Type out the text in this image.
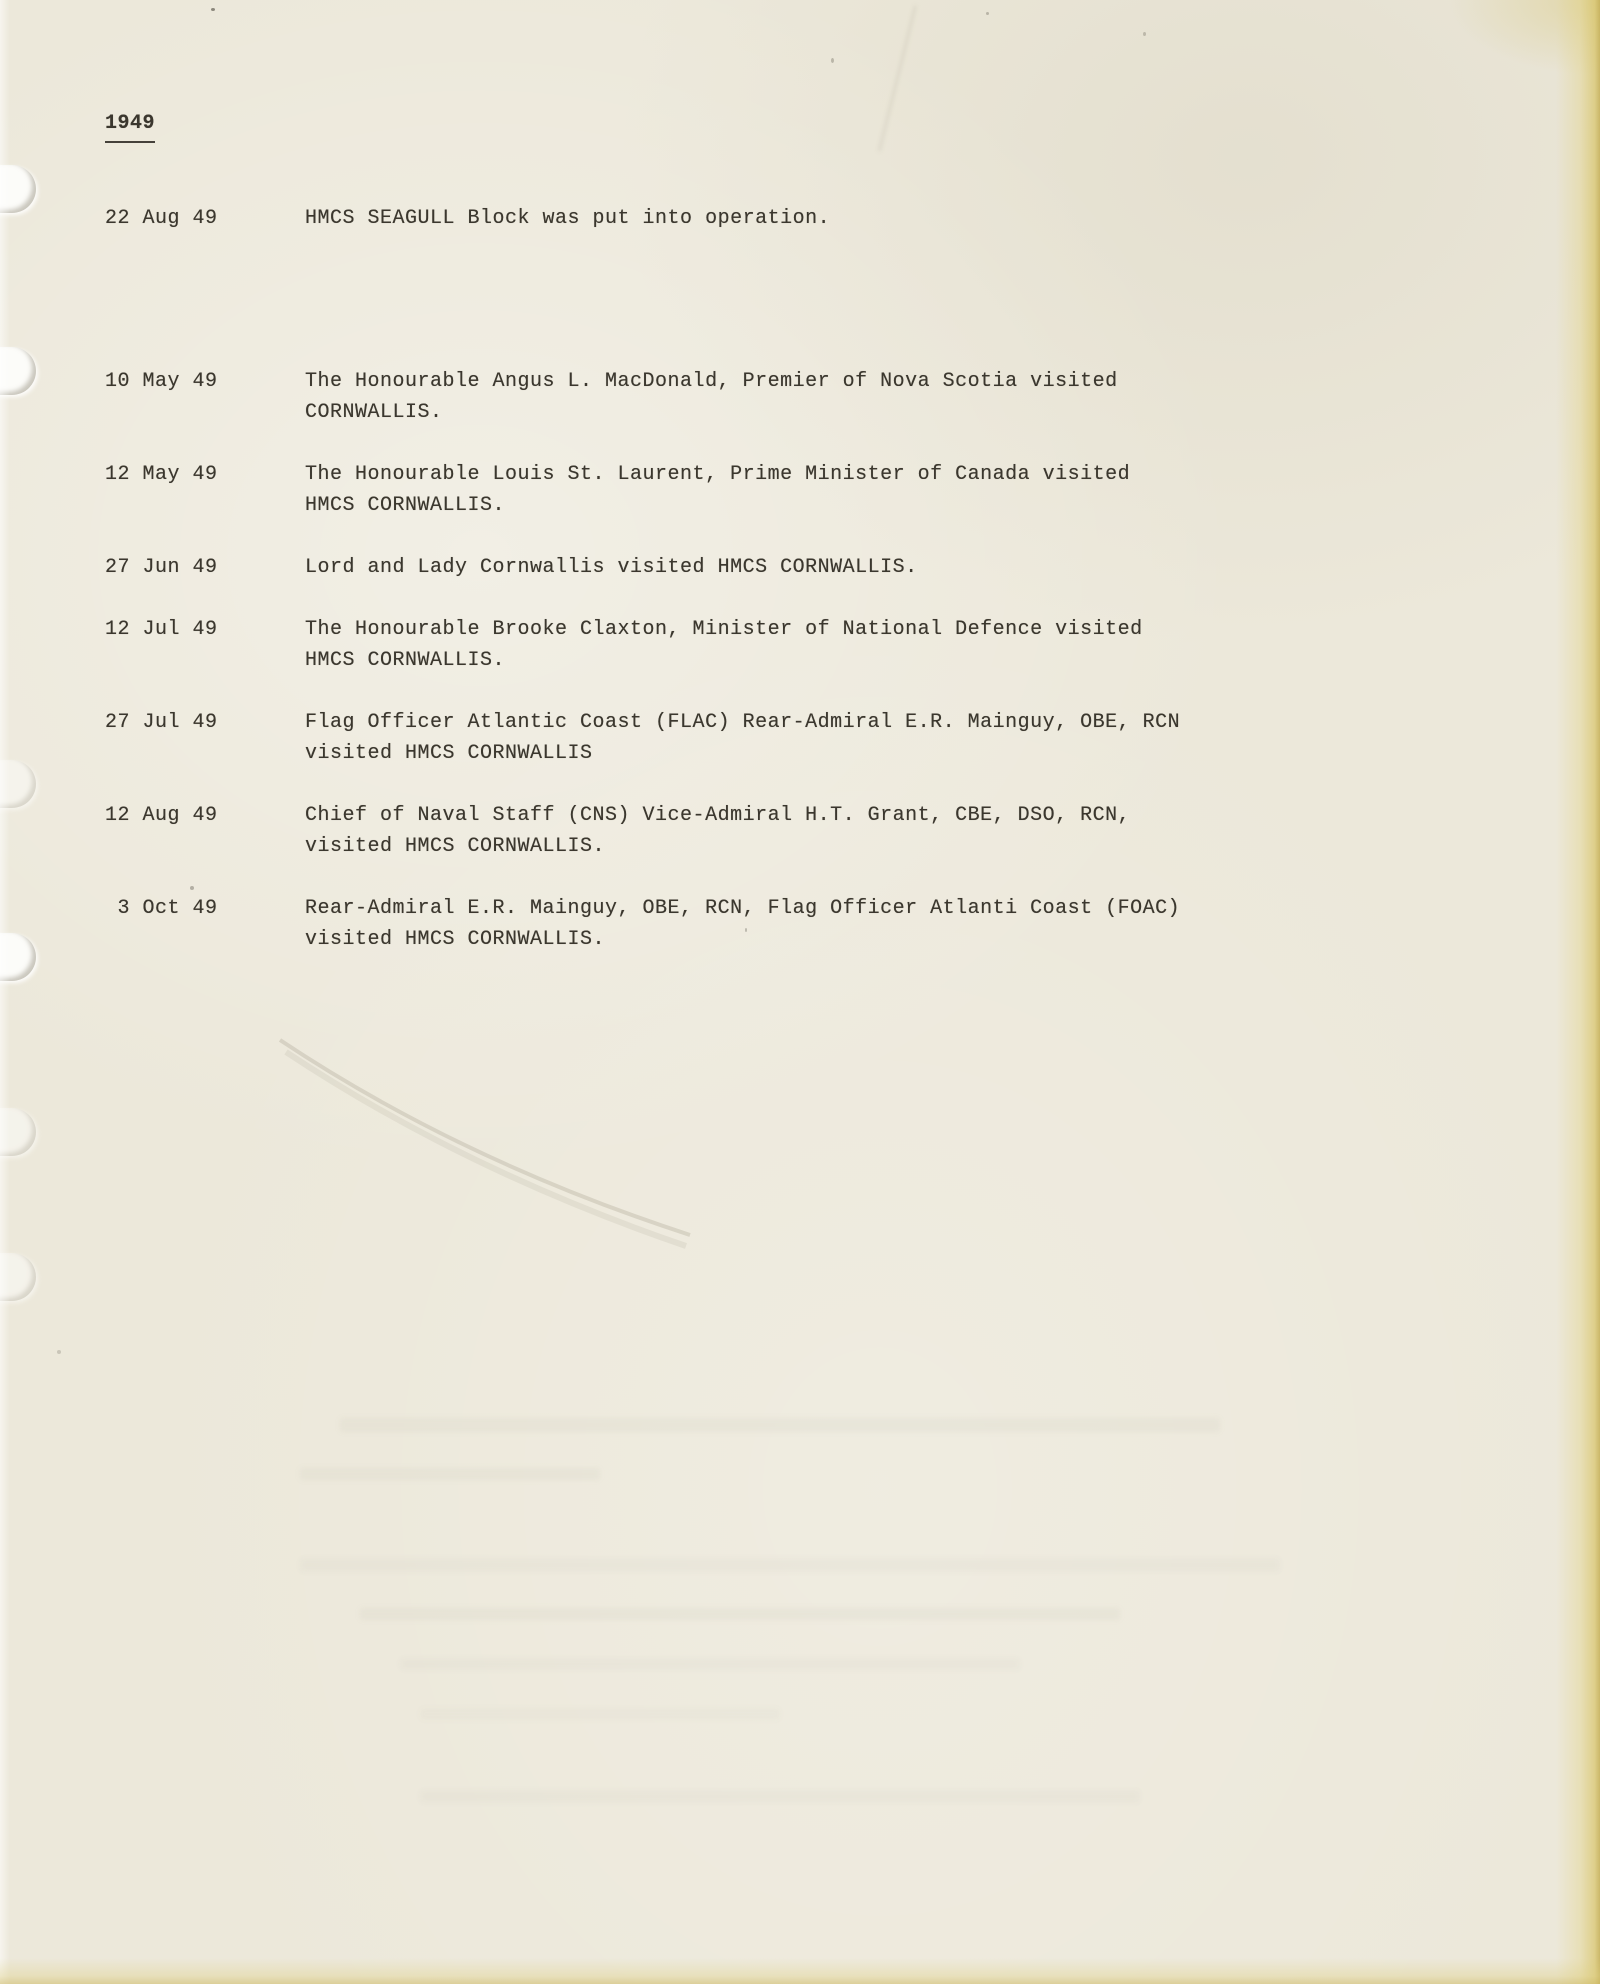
1949
22 Aug 49	HMCS SEAGULL Block was put into operation.
10 May 49	The Honourable Angus L. MacDonald, Premier of Nova Scotia visited
CORNWALLIS.
12 May 49	The Honourable Louis St. Laurent, Prime Minister of Canada visited
HMCS CORNWALLIS.
27 Jun 49	Lord and Lady Cornwallis visited HMCS CORNWALLIS.
12 Jul 49	The Honourable Brooke Claxton, Minister of National Defence visited
HMCS CORNWALLIS.
27 Jul 49	Flag Officer Atlantic Coast (FLAC) Rear-Admiral E.R. Mainguy, OBE, RCN
visited HMCS CORNWALLIS
12 Aug 49	Chief of Naval Staff (CNS) Vice-Admiral H.T. Grant, CBE, DSO, RCN,
visited HMCS CORNWALLIS.
3 Oct 49	Rear-Admiral E.R. Mainguy, OBE, RCN, Flag Officer Atlanti Coast (FOAC)
visited HMCS CORNWALLIS.
